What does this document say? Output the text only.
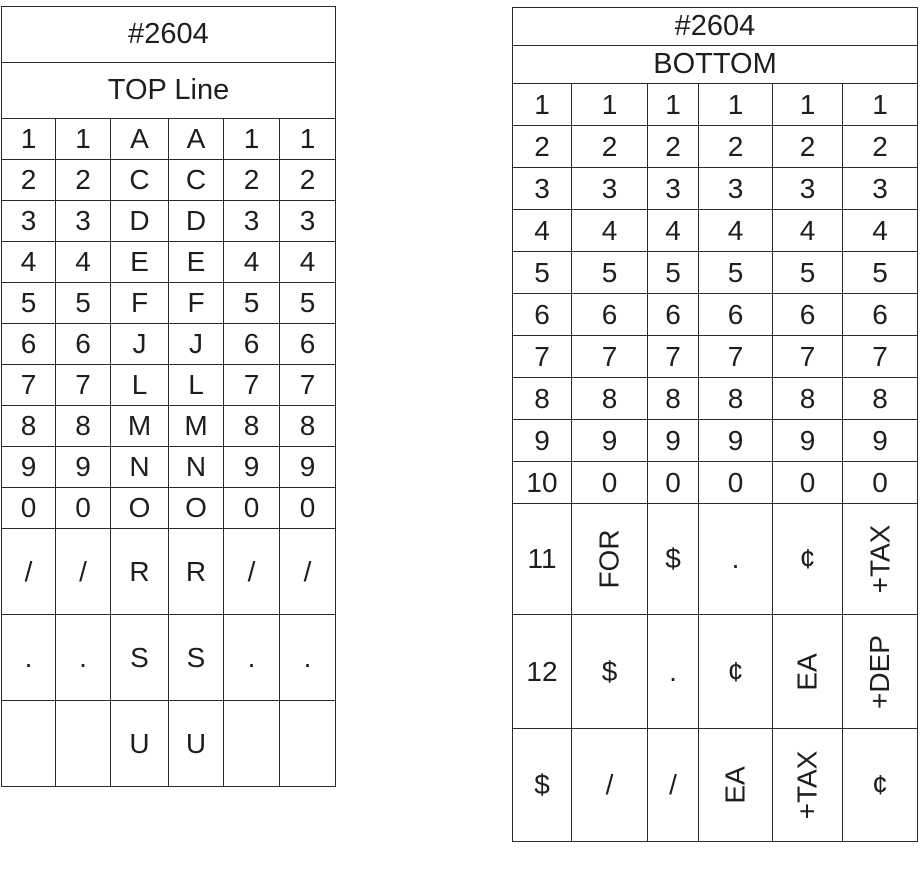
#2604					
TOP Line					
1	1	A	A	1	1
2	2	C	C	2	2
3	3	D	D	3	3
4	4	E	E	4	4
5	5	F	F	5	5
6	6	J	J	6	6
7	7	L	L	7	7
8	8	M	M	8	8
9	9	N	N	9	9
0	0	O	O	0	0
/	/	R	R	/	/
.	.	S	S	.	.
		U	U		
#2604					
BOTTOM					
1	1	1	1	1	1
2	2	2	2	2	2
3	3	3	3	3	3
4	4	4	4	4	4
5	5	5	5	5	5
6	6	6	6	6	6
7	7	7	7	7	7
8	8	8	8	8	8
9	9	9	9	9	9
10	0	0	0	0	0
11	FOR	$	.	¢	+TAX
12	$	.	¢	EA	+DEP
$	/	/	EA	+TAX	¢
